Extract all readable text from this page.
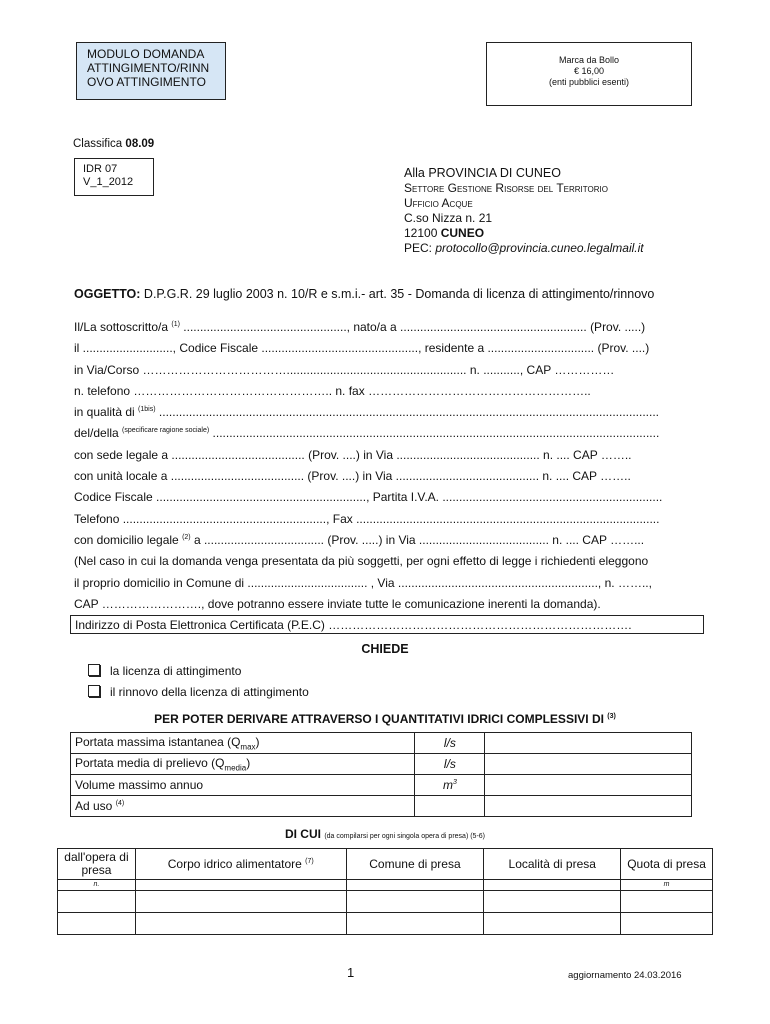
MODULO DOMANDA
ATTINGIMENTO/RINN
OVO ATTINGIMENTO
Marca da Bollo
€ 16,00
(enti pubblici esenti)
Classifica 08.09
IDR 07
V_1_2012
Alla PROVINCIA DI CUNEO
Settore Gestione Risorse del Territorio
Ufficio Acque
C.so Nizza n. 21
12100 CUNEO
PEC: protocollo@provincia.cuneo.legalmail.it
OGGETTO: D.P.G.R. 29 luglio 2003 n. 10/R e s.m.i.- art. 35 - Domanda di licenza di attingimento/rinnovo
Il/La sottoscritto/a $^{(1)}$ ................................................., nato/a a ........................................................ (Prov. .....)
il ..........................., Codice Fiscale ..............................................., residente a ................................ (Prov. ....)
in Via/Corso ………………………………...................................................... n. ..........., CAP ……………
n. telefono ………………………………………….. n. fax ………………………………………………..
in qualità di $^{(1bis)}$ ......................................................................................................................................................
del/della $^{(specificare ragione sociale)}$ ......................................................................................................................................
con sede legale a ........................................ (Prov. ....) in Via ........................................... n. .... CAP ……..
con unità locale a ........................................ (Prov. ....) in Via ........................................... n. .... CAP ……..
Codice Fiscale ..............................................................., Partita I.V.A. ..................................................................
Telefono ............................................................., Fax ...........................................................................................
con domicilio legale $^{(2)}$ a .................................... (Prov. .....) in Via ....................................... n. .... CAP ……...
(Nel caso in cui la domanda venga presentata da più soggetti, per ogni effetto di legge i richiedenti eleggono
il proprio domicilio in Comune di .................................... , Via ............................................................, n. ……..,
CAP ……………………., dove potranno essere inviate tutte le comunicazione inerenti la domanda).
Indirizzo di Posta Elettronica Certificata (P.E.C) ………………………………………………………………….
CHIEDE
la licenza di attingimento
il rinnovo della licenza di attingimento
PER POTER DERIVARE ATTRAVERSO I QUANTITATIVI IDRICI COMPLESSIVI DI $^{(3)}$
Portata massima istantanea $(Q_{max})$	l/s	
Portata media di prelievo $(Q_{media})$	l/s	
Volume massimo annuo	$m^3$	
Ad uso $^{(4)}$		
DI CUI (da compilarsi per ogni singola opera di presa) (5-6)
dall'opera di presa	Corpo idrico alimentatore $^{(7)}$	Comune di presa	Località di presa	Quota di presa
n.				m

1	aggiornamento 24.03.2016
